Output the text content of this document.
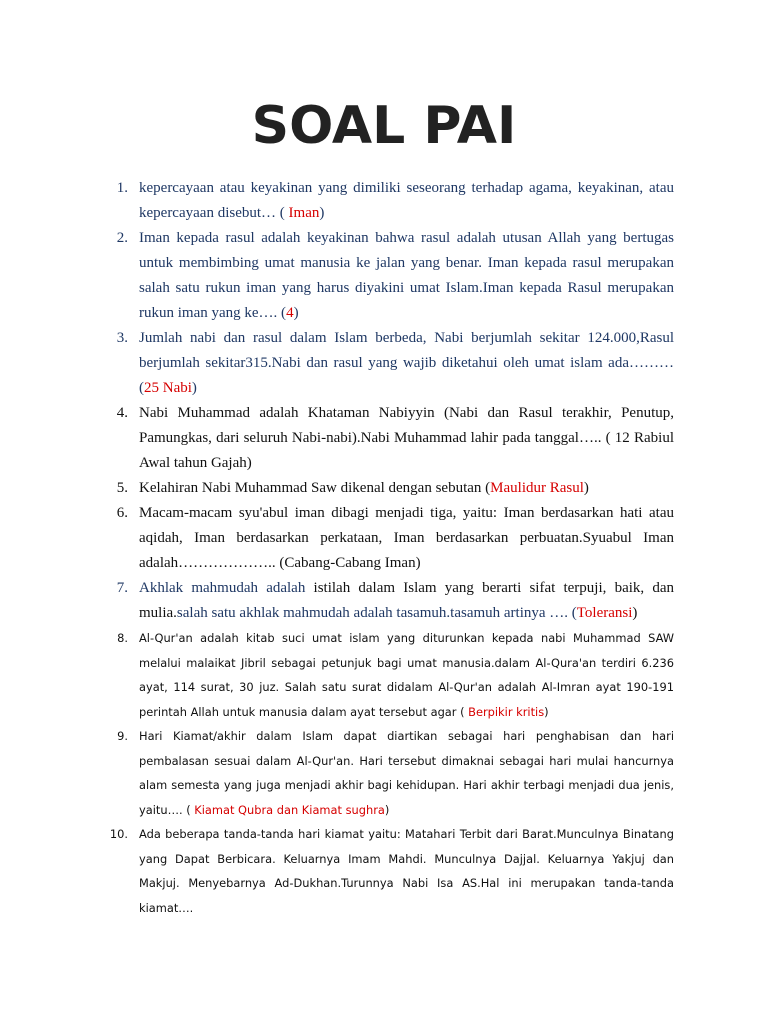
SOAL PAI
1. kepercayaan atau keyakinan yang dimiliki seseorang terhadap agama, keyakinan, atau kepercayaan disebut… ( Iman)
2. Iman kepada rasul adalah keyakinan bahwa rasul adalah utusan Allah yang bertugas untuk membimbing umat manusia ke jalan yang benar. Iman kepada rasul merupakan salah satu rukun iman yang harus diyakini umat Islam.Iman kepada Rasul merupakan rukun iman yang ke…. (4)
3. Jumlah nabi dan rasul dalam Islam berbeda, Nabi berjumlah sekitar 124.000,Rasul berjumlah sekitar315.Nabi dan rasul yang wajib diketahui oleh umat islam ada……… (25 Nabi)
4. Nabi Muhammad adalah Khataman Nabiyyin (Nabi dan Rasul terakhir, Penutup, Pamungkas, dari seluruh Nabi-nabi).Nabi Muhammad lahir pada tanggal….. ( 12 Rabiul Awal tahun Gajah)
5. Kelahiran Nabi Muhammad Saw dikenal dengan sebutan (Maulidur Rasul)
6. Macam-macam syu'abul iman dibagi menjadi tiga, yaitu: Iman berdasarkan hati atau aqidah, Iman berdasarkan perkataan, Iman berdasarkan perbuatan.Syuabul Iman adalah……………….. (Cabang-Cabang Iman)
7. Akhlak mahmudah adalah istilah dalam Islam yang berarti sifat terpuji, baik, dan mulia.salah satu akhlak mahmudah adalah tasamuh.tasamuh artinya …. (Toleransi)
8. Al-Qur'an adalah kitab suci umat islam yang diturunkan kepada nabi Muhammad SAW melalui malaikat Jibril sebagai petunjuk bagi umat manusia.dalam Al-Qura'an terdiri 6.236 ayat, 114 surat, 30 juz. Salah satu surat didalam Al-Qur'an adalah Al-Imran ayat 190-191 perintah Allah untuk manusia dalam ayat tersebut agar ( Berpikir kritis)
9. Hari Kiamat/akhir dalam Islam dapat diartikan sebagai hari penghabisan dan hari pembalasan sesuai dalam Al-Qur'an. Hari tersebut dimaknai sebagai hari mulai hancurnya alam semesta yang juga menjadi akhir bagi kehidupan. Hari akhir terbagi menjadi dua jenis, yaitu…. ( Kiamat Qubra dan Kiamat sughra)
10. Ada beberapa tanda-tanda hari kiamat yaitu: Matahari Terbit dari Barat.Munculnya Binatang yang Dapat Berbicara. Keluarnya Imam Mahdi. Munculnya Dajjal. Keluarnya Yakjuj dan Makjuj. Menyebarnya Ad-Dukhan.Turunnya Nabi Isa AS.Hal ini merupakan tanda-tanda kiamat….
